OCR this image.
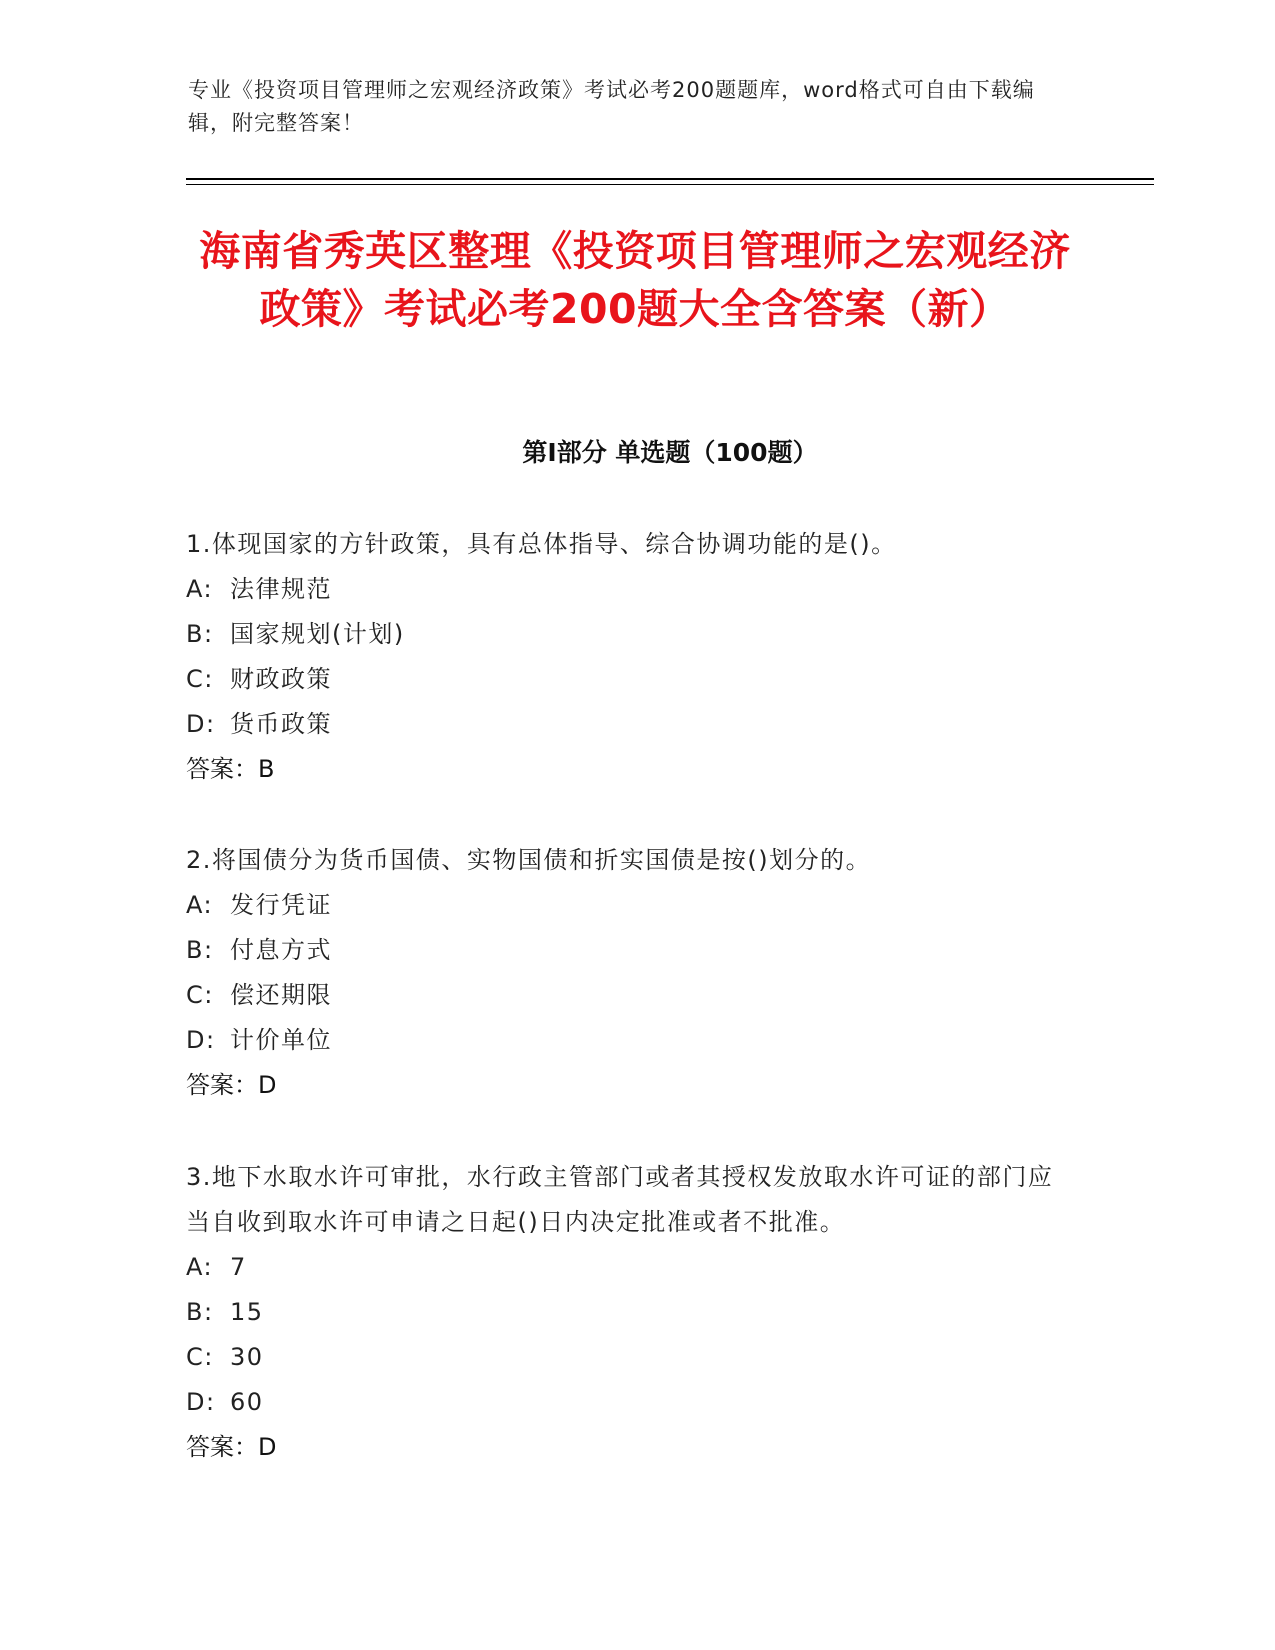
专业《投资项目管理师之宏观经济政策》考试必考200题题库，word格式可自由下载编辑，附完整答案！
海南省秀英区整理《投资项目管理师之宏观经济政策》考试必考200题大全含答案（新）
第I部分 单选题（100题）

1.体现国家的方针政策，具有总体指导、综合协调功能的是()。

A: 法律规范

B: 国家规划(计划)

C: 财政政策

D: 货币政策

答案：B

2.将国债分为货币国债、实物国债和折实国债是按()划分的。

A: 发行凭证

B: 付息方式

C: 偿还期限

D: 计价单位

答案：D

3.地下水取水许可审批，水行政主管部门或者其授权发放取水许可证的部门应当自收到取水许可申请之日起()日内决定批准或者不批准。

A: 7

B: 15

C: 30

D: 60

答案：D
